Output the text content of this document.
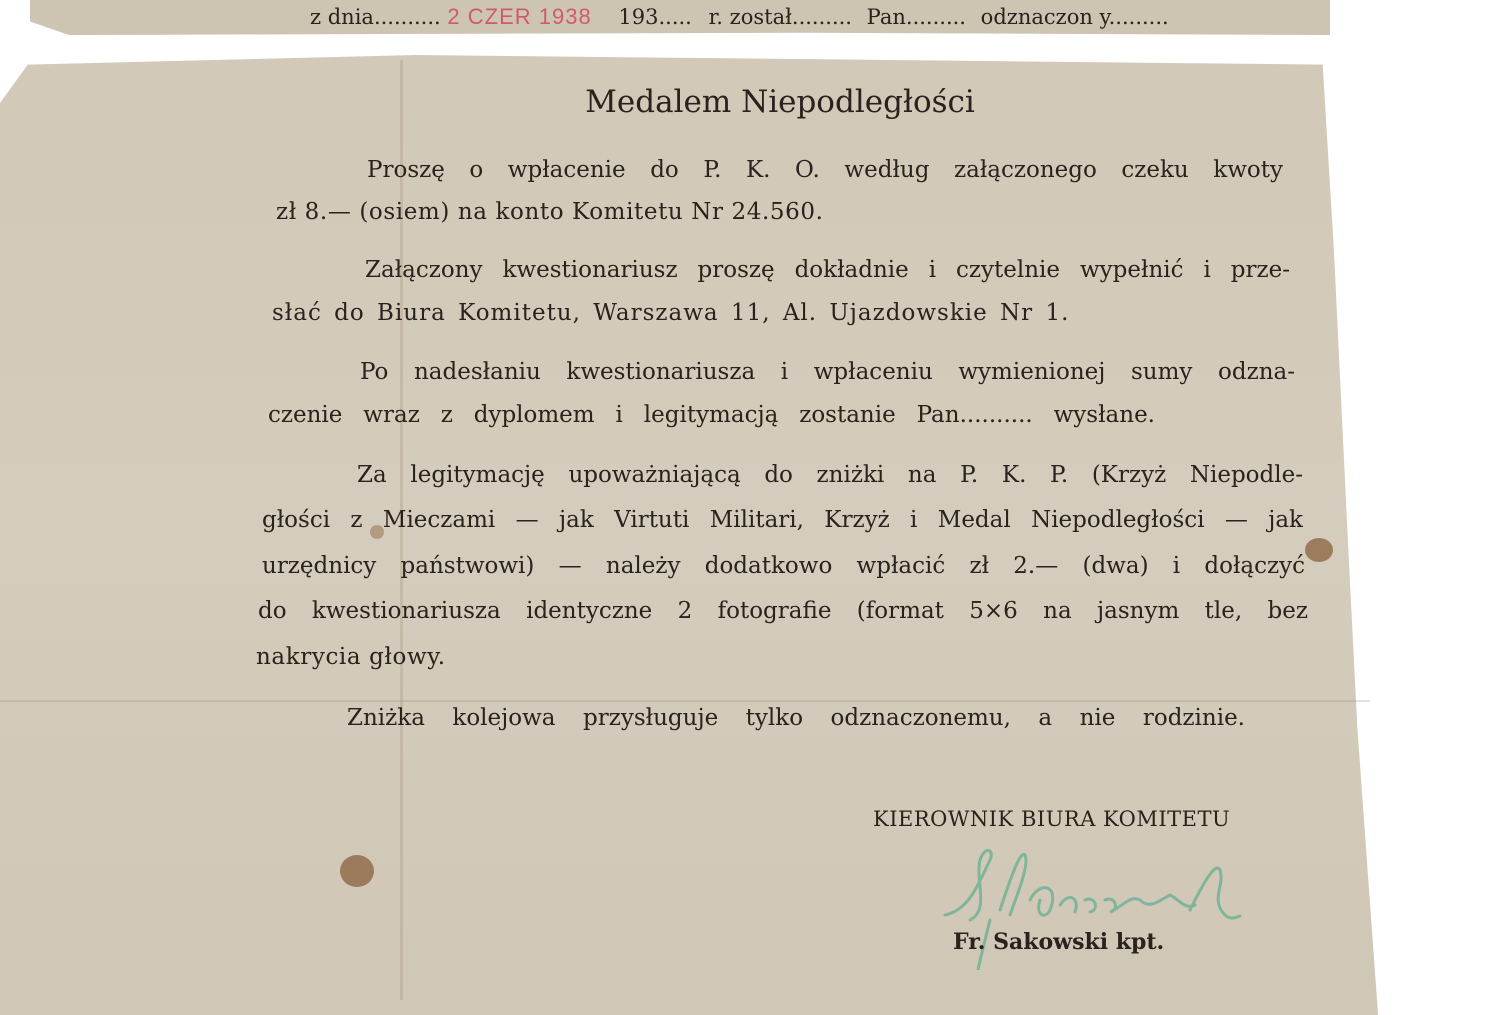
z dnia.......... 2 CZER 1938 193..... r. został......... Pan......... odznaczon y.........
Medalem Niepodległości
Proszę o wpłacenie do P. K. O. według załączonego czeku kwoty
zł 8.— (osiem) na konto Komitetu Nr 24.560.
Załączony kwestionariusz proszę dokładnie i czytelnie wypełnić i prze-
słać do Biura Komitetu, Warszawa 11, Al. Ujazdowskie Nr 1.
Po nadesłaniu kwestionariusza i wpłaceniu wymienionej sumy odzna-
czenie wraz z dyplomem i legitymacją zostanie Pan.......... wysłane.
Za legitymację upoważniającą do zniżki na P. K. P. (Krzyż Niepodle-
głości z Mieczami — jak Virtuti Militari, Krzyż i Medal Niepodległości — jak
urzędnicy państwowi) — należy dodatkowo wpłacić zł 2.— (dwa) i dołączyć
do kwestionariusza identyczne 2 fotografie (format 5×6 na jasnym tle, bez
nakrycia głowy.
Zniżka kolejowa przysługuje tylko odznaczonemu, a nie rodzinie.
KIEROWNIK BIURA KOMITETU
Fr. Sakowski kpt.
